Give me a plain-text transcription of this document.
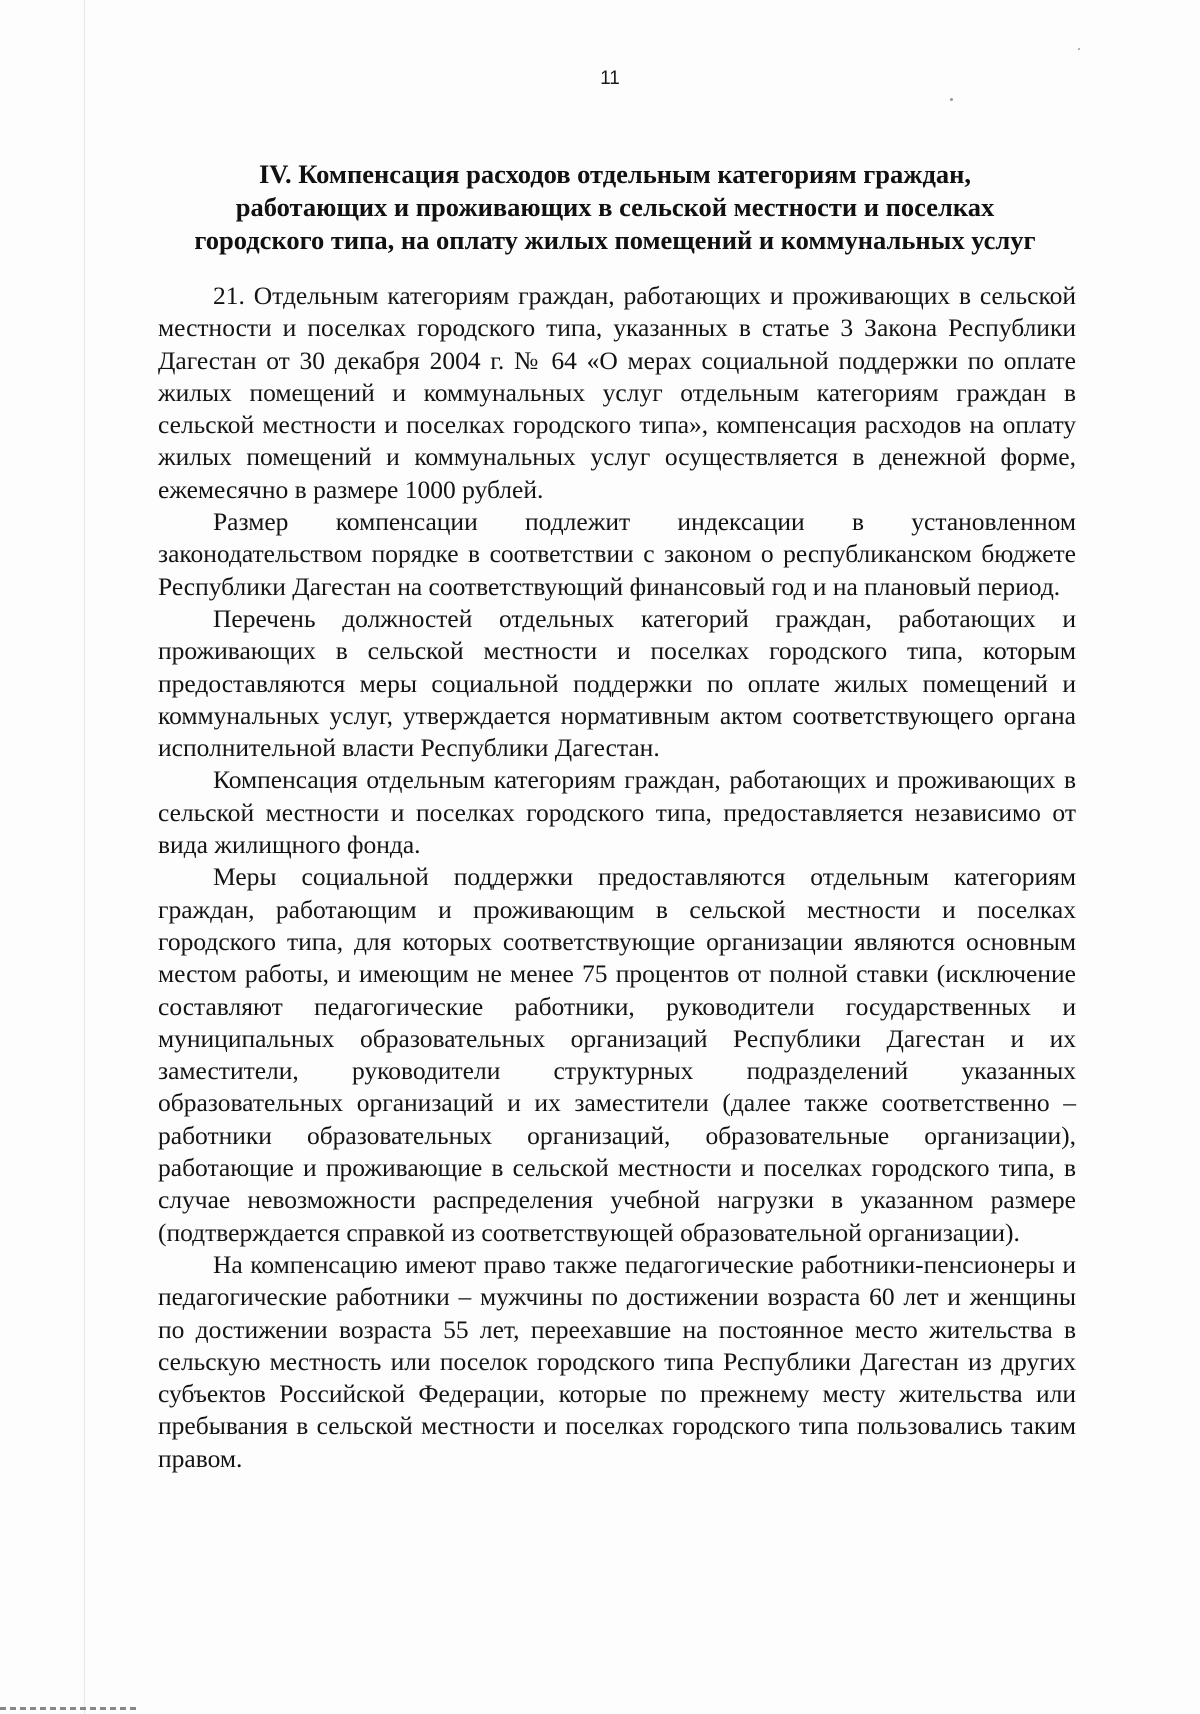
11
IV. Компенсация расходов отдельным категориям граждан,
работающих и проживающих в сельской местности и поселках
городского типа, на оплату жилых помещений и коммунальных услуг

21. Отдельным категориям граждан, работающих и проживающих в сельской местности и поселках городского типа, указанных в статье 3 Закона Республики Дагестан от 30 декабря 2004 г. № 64 «О мерах социальной поддержки по оплате жилых помещений и коммунальных услуг отдельным категориям граждан в сельской местности и поселках городского типа», компенсация расходов на оплату жилых помещений и коммунальных услуг осуществляется в денежной форме, ежемесячно в размере 1000 рублей.

Размер компенсации подлежит индексации в установленном законодательством порядке в соответствии с законом о республиканском бюджете Республики Дагестан на соответствующий финансовый год и на плановый период.

Перечень должностей отдельных категорий граждан, работающих и проживающих в сельской местности и поселках городского типа, которым предоставляются меры социальной поддержки по оплате жилых помещений и коммунальных услуг, утверждается нормативным актом соответствующего органа исполнительной власти Республики Дагестан.

Компенсация отдельным категориям граждан, работающих и проживающих в сельской местности и поселках городского типа, предоставляется независимо от вида жилищного фонда.

Меры социальной поддержки предоставляются отдельным категориям граждан, работающим и проживающим в сельской местности и поселках городского типа, для которых соответствующие организации являются основным местом работы, и имеющим не менее 75 процентов от полной ставки (исключение составляют педагогические работники, руководители государственных и муниципальных образовательных организаций Республики Дагестан и их заместители, руководители структурных подразделений указанных образовательных организаций и их заместители (далее также соответственно – работники образовательных организаций, образовательные организации), работающие и проживающие в сельской местности и поселках городского типа, в случае невозможности распределения учебной нагрузки в указанном размере (подтверждается справкой из соответствующей образовательной организации).

На компенсацию имеют право также педагогические работники-пенсионеры и педагогические работники – мужчины по достижении возраста 60 лет и женщины по достижении возраста 55 лет, переехавшие на постоянное место жительства в сельскую местность или поселок городского типа Республики Дагестан из других субъектов Российской Федерации, которые по прежнему месту жительства или пребывания в сельской местности и поселках городского типа пользовались таким правом.
